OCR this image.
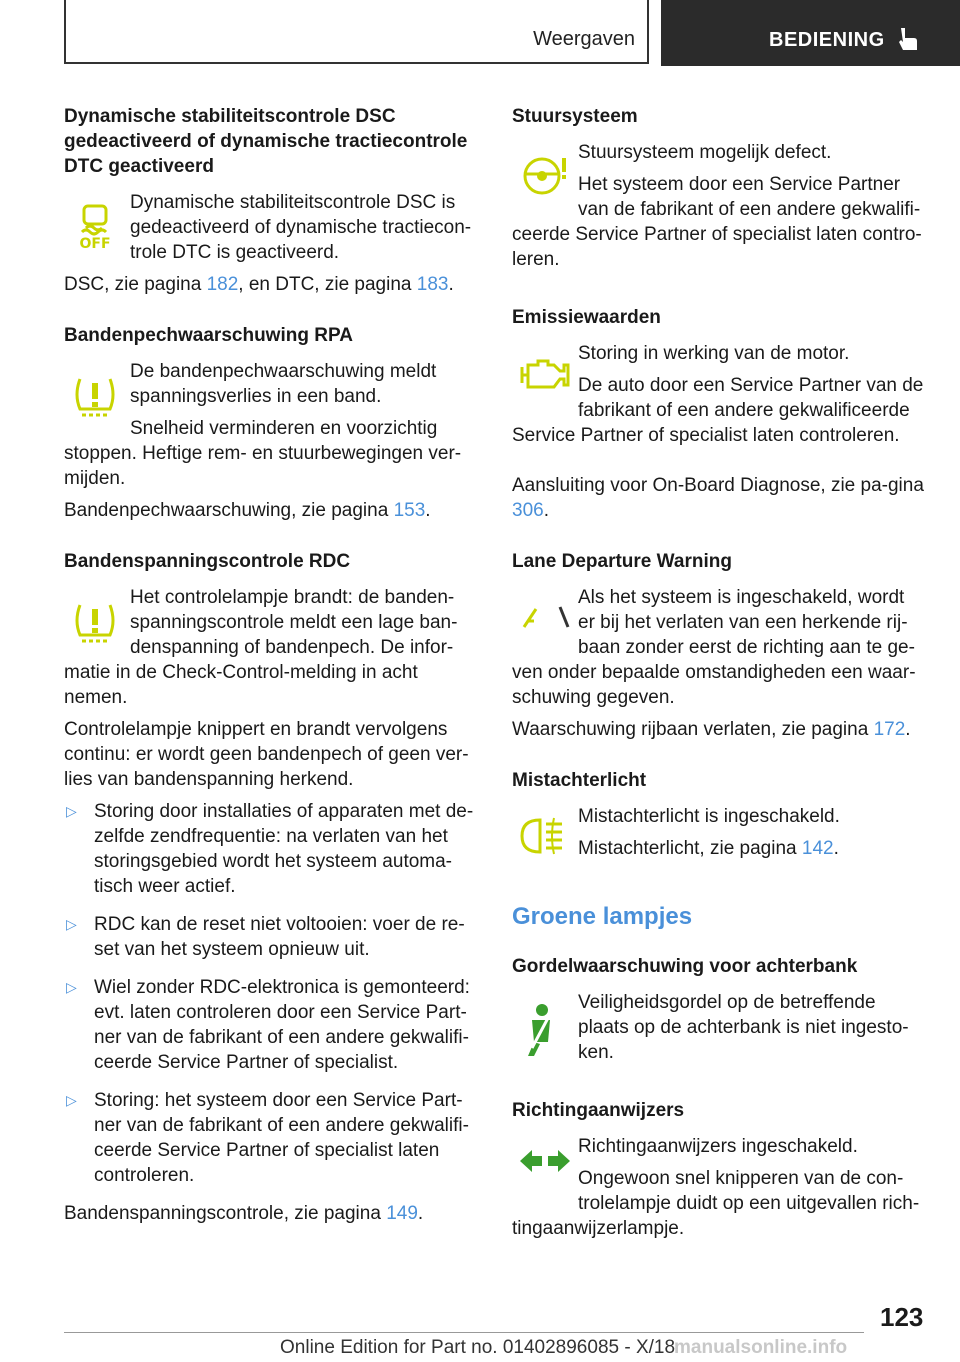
Weergaven	BEDIENING
Dynamische stabiliteitscontrole DSC gedeactiveerd of dynamische tractiecontrole DTC geactiveerd
OFF

Dynamische stabiliteitscontrole DSC is gedeactiveerd of dynamische tractiecon-trole DTC is geactiveerd.

DSC, zie pagina 182, en DTC, zie pagina 183.

Bandenpechwaarschuwing RPA

De bandenpechwaarschuwing meldt spanningsverlies in een band.

Snelheid verminderen en voorzichtig stoppen. Heftige rem- en stuurbewegingen ver-mijden.

Bandenpechwaarschuwing, zie pagina 153.

Bandenspanningscontrole RDC

Het controlelampje brandt: de banden-spanningscontrole meldt een lage ban-denspanning of bandenpech. De infor-matie in de Check-Control-melding in acht nemen.

Controlelampje knippert en brandt vervolgens continu: er wordt geen bandenpech of geen ver-lies van bandenspanning herkend.

▷ Storing door installaties of apparaten met de-zelfde zendfrequentie: na verlaten van het storingsgebied wordt het systeem automa-tisch weer actief.
▷ RDC kan de reset niet voltooien: voer de re-set van het systeem opnieuw uit.
▷ Wiel zonder RDC-elektronica is gemonteerd: evt. laten controleren door een Service Part-ner van de fabrikant of een andere gekwalifi-ceerde Service Partner of specialist.
▷ Storing: het systeem door een Service Part-ner van de fabrikant of een andere gekwalifi-ceerde Service Partner of specialist laten controleren.

Bandenspanningscontrole, zie pagina 149.

Stuursysteem

Stuursysteem mogelijk defect.

Het systeem door een Service Partner van de fabrikant of een andere gekwalifi-ceerde Service Partner of specialist laten contro-leren.

Emissiewaarden

Storing in werking van de motor.

De auto door een Service Partner van de fabrikant of een andere gekwalificeerde Service Partner of specialist laten controleren.

Aansluiting voor On-Board Diagnose, zie pa-gina 306.

Lane Departure Warning

Als het systeem is ingeschakeld, wordt er bij het verlaten van een herkende rij-baan zonder eerst de richting aan te ge-ven onder bepaalde omstandigheden een waar-schuwing gegeven.

Waarschuwing rijbaan verlaten, zie pagina 172.

Mistachterlicht

Mistachterlicht is ingeschakeld.

Mistachterlicht, zie pagina 142.

Groene lampjes
Gordelwaarschuwing voor achterbank

Veiligheidsgordel op de betreffende plaats op de achterbank is niet ingesto-ken.

Richtingaanwijzers

Richtingaanwijzers ingeschakeld.

Ongewoon snel knipperen van de con-trolelampje duidt op een uitgevallen rich-tingaanwijzerlampje.

123
Online Edition for Part no. 01402896085 - X/18
manualsonline.info
